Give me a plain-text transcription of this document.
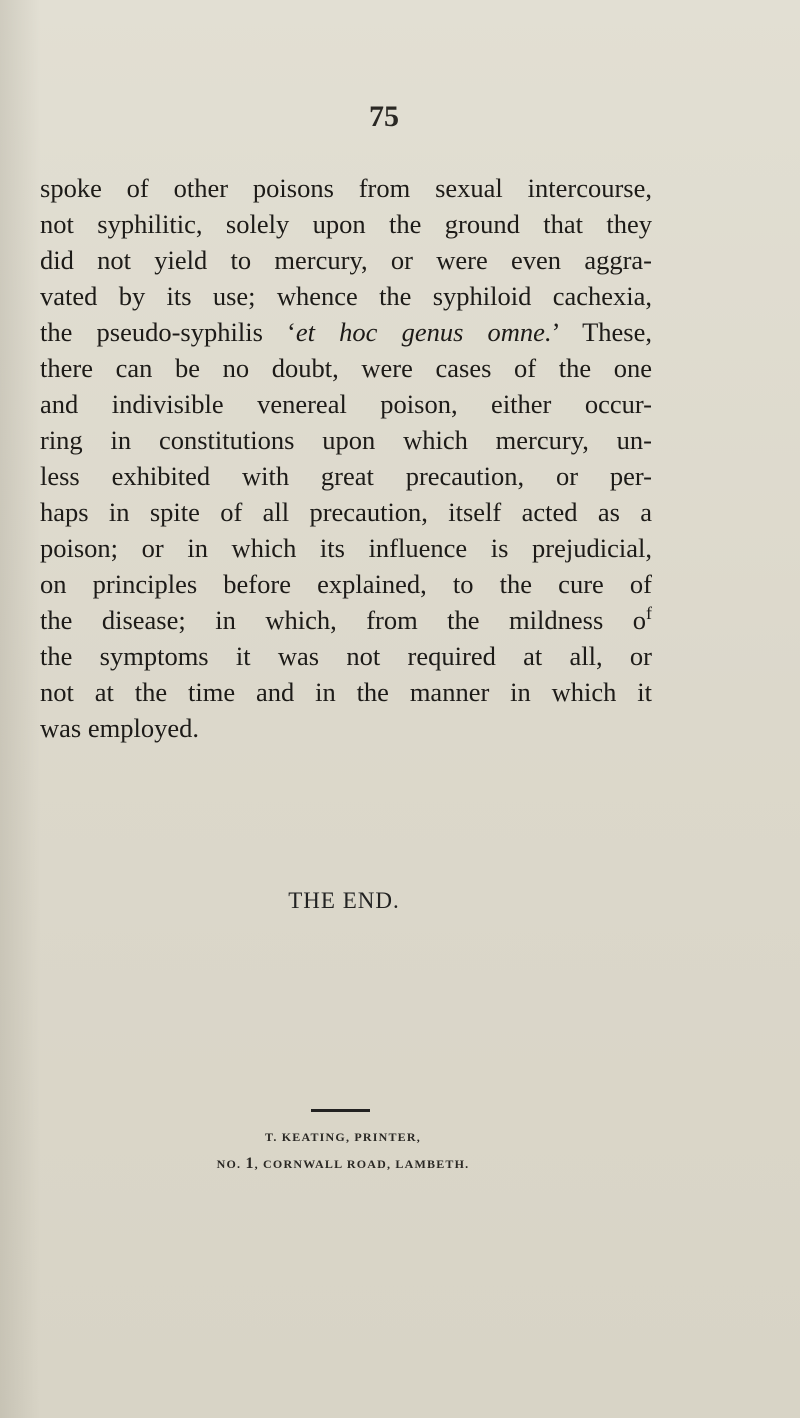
75
spoke of other poisons from sexual intercourse,
not syphilitic, solely upon the ground that they
did not yield to mercury, or were even aggra-
vated by its use; whence the syphiloid cachexia,
the pseudo-syphilis ‘et hoc genus omne.’ These,
there can be no doubt, were cases of the one
and indivisible venereal poison, either occur-
ring in constitutions upon which mercury, un-
less exhibited with great precaution, or per-
haps in spite of all precaution, itself acted as a
poison; or in which its influence is prejudicial,
on principles before explained, to the cure of
the disease; in which, from the mildness $o^f$
the symptoms it was not required at all, or
not at the time and in the manner in which it
was employed.
THE END.
T. KEATING, PRINTER,
NO. 1, CORNWALL ROAD, LAMBETH.
